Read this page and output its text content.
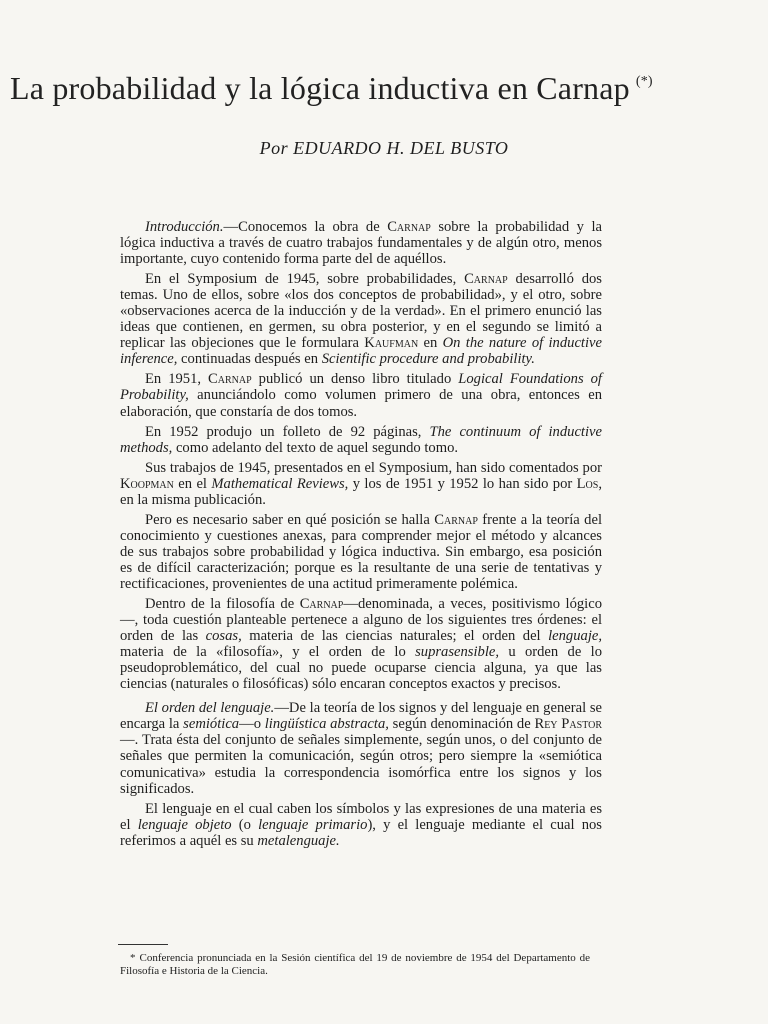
La probabilidad y la lógica inductiva en Carnap (*)
Por EDUARDO H. DEL BUSTO

Introducción.—Conocemos la obra de Carnap sobre la probabilidad y la lógica inductiva a través de cuatro trabajos fundamentales y de algún otro, menos importante, cuyo contenido forma parte del de aquéllos.

En el Symposium de 1945, sobre probabilidades, Carnap desarrolló dos temas. Uno de ellos, sobre «los dos conceptos de probabilidad», y el otro, sobre «observaciones acerca de la inducción y de la verdad». En el primero enunció las ideas que contienen, en germen, su obra posterior, y en el segundo se limitó a replicar las objeciones que le formulara Kaufman en On the nature of inductive inference, continuadas después en Scientific procedure and probability.

En 1951, Carnap publicó un denso libro titulado Logical Foundations of Probability, anunciándolo como volumen primero de una obra, entonces en elaboración, que constaría de dos tomos.

En 1952 produjo un folleto de 92 páginas, The continuum of inductive methods, como adelanto del texto de aquel segundo tomo.

Sus trabajos de 1945, presentados en el Symposium, han sido comentados por Koopman en el Mathematical Reviews, y los de 1951 y 1952 lo han sido por Los, en la misma publicación.

Pero es necesario saber en qué posición se halla Carnap frente a la teoría del conocimiento y cuestiones anexas, para comprender mejor el método y alcances de sus trabajos sobre probabilidad y lógica inductiva. Sin embargo, esa posición es de difícil caracterización; porque es la resultante de una serie de tentativas y rectificaciones, provenientes de una actitud primeramente polémica.

Dentro de la filosofía de Carnap—denominada, a veces, positivismo lógico—, toda cuestión planteable pertenece a alguno de los siguientes tres órdenes: el orden de las cosas, materia de las ciencias naturales; el orden del lenguaje, materia de la «filosofía», y el orden de lo suprasensible, u orden de lo pseudoproblemático, del cual no puede ocuparse ciencia alguna, ya que las ciencias (naturales o filosóficas) sólo encaran conceptos exactos y precisos.

El orden del lenguaje.—De la teoría de los signos y del lenguaje en general se encarga la semiótica—o lingüística abstracta, según denominación de Rey Pastor—. Trata ésta del conjunto de señales simplemente, según unos, o del conjunto de señales que permiten la comunicación, según otros; pero siempre la «semiótica comunicativa» estudia la correspondencia isomórfica entre los signos y los significados.

El lenguaje en el cual caben los símbolos y las expresiones de una materia es el lenguaje objeto (o lenguaje primario), y el lenguaje mediante el cual nos referimos a aquél es su metalenguaje.

* Conferencia pronunciada en la Sesión científica del 19 de noviembre de 1954 del Departamento de Filosofía e Historia de la Ciencia.
